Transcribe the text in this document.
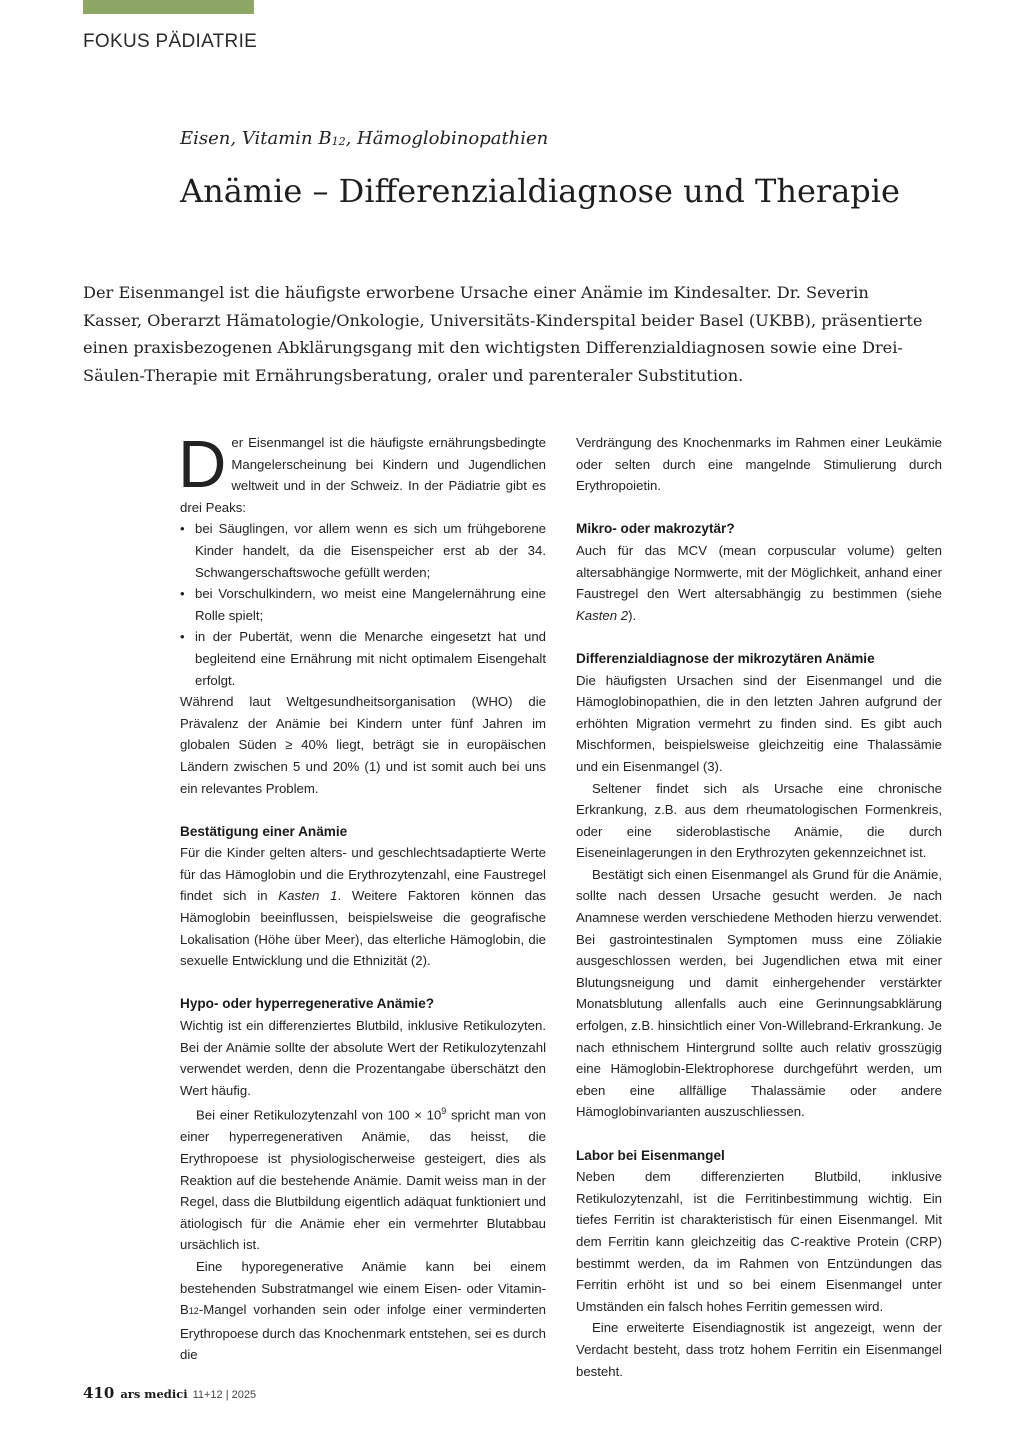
FOKUS PÄDIATRIE
Eisen, Vitamin $B_{12}$, Hämoglobinopathien
Anämie – Differenzialdiagnose und Therapie

Der Eisenmangel ist die häufigste erworbene Ursache einer Anämie im Kindesalter. Dr. Severin Kasser, Oberarzt Hämatologie/Onkologie, Universitäts-Kinderspital beider Basel (UKBB), präsentierte einen praxisbezogenen Abklärungsgang mit den wichtigsten Differenzialdiagnosen sowie eine Drei-Säulen-Therapie mit Ernährungsberatung, oraler und parenteraler Substitution.

Der Eisenmangel ist die häufigste ernährungsbedingte Mangelerscheinung bei Kindern und Jugendlichen weltweit und in der Schweiz. In der Pädiatrie gibt es drei Peaks:

• bei Säuglingen, vor allem wenn es sich um frühgeborene Kinder handelt, da die Eisenspeicher erst ab der 34. Schwangerschaftswoche gefüllt werden;
• bei Vorschulkindern, wo meist eine Mangelernährung eine Rolle spielt;
• in der Pubertät, wenn die Menarche eingesetzt hat und begleitend eine Ernährung mit nicht optimalem Eisengehalt erfolgt.

Während laut Weltgesundheitsorganisation (WHO) die Prävalenz der Anämie bei Kindern unter fünf Jahren im globalen Süden ≥ 40% liegt, beträgt sie in europäischen Ländern zwischen 5 und 20% (1) und ist somit auch bei uns ein relevantes Problem.

Bestätigung einer Anämie

Für die Kinder gelten alters- und geschlechtsadaptierte Werte für das Hämoglobin und die Erythrozytenzahl, eine Faustregel findet sich in Kasten 1. Weitere Faktoren können das Hämoglobin beeinflussen, beispielsweise die geografische Lokalisation (Höhe über Meer), das elterliche Hämoglobin, die sexuelle Entwicklung und die Ethnizität (2).

Hypo- oder hyperregenerative Anämie?

Wichtig ist ein differenziertes Blutbild, inklusive Retikulozyten. Bei der Anämie sollte der absolute Wert der Retikulozytenzahl verwendet werden, denn die Prozentangabe überschätzt den Wert häufig.

Bei einer Retikulozytenzahl von $100 \times 10^9$ spricht man von einer hyperregenerativen Anämie, das heisst, die Erythropoese ist physiologischerweise gesteigert, dies als Reaktion auf die bestehende Anämie. Damit weiss man in der Regel, dass die Blutbildung eigentlich adäquat funktioniert und ätiologisch für die Anämie eher ein vermehrter Blutabbau ursächlich ist.

Eine hyporegenerative Anämie kann bei einem bestehenden Substratmangel wie einem Eisen- oder Vitamin-B12-Mangel vorhanden sein oder infolge einer verminderten Erythropoese durch das Knochenmark entstehen, sei es durch die

Verdrängung des Knochenmarks im Rahmen einer Leukämie oder selten durch eine mangelnde Stimulierung durch Erythropoietin.

Mikro- oder makrozytär?

Auch für das MCV (mean corpuscular volume) gelten altersabhängige Normwerte, mit der Möglichkeit, anhand einer Faustregel den Wert altersabhängig zu bestimmen (siehe Kasten 2).

Differenzialdiagnose der mikrozytären Anämie

Die häufigsten Ursachen sind der Eisenmangel und die Hämoglobinopathien, die in den letzten Jahren aufgrund der erhöhten Migration vermehrt zu finden sind. Es gibt auch Mischformen, beispielsweise gleichzeitig eine Thalassämie und ein Eisenmangel (3).

Seltener findet sich als Ursache eine chronische Erkrankung, z.B. aus dem rheumatologischen Formenkreis, oder eine sideroblastische Anämie, die durch Eiseneinlagerungen in den Erythrozyten gekennzeichnet ist.

Bestätigt sich einen Eisenmangel als Grund für die Anämie, sollte nach dessen Ursache gesucht werden. Je nach Anamnese werden verschiedene Methoden hierzu verwendet. Bei gastrointestinalen Symptomen muss eine Zöliakie ausgeschlossen werden, bei Jugendlichen etwa mit einer Blutungsneigung und damit einhergehender verstärkter Monatsblutung allenfalls auch eine Gerinnungsabklärung erfolgen, z.B. hinsichtlich einer Von-Willebrand-Erkrankung. Je nach ethnischem Hintergrund sollte auch relativ grosszügig eine Hämoglobin-Elektrophorese durchgeführt werden, um eben eine allfällige Thalassämie oder andere Hämoglobinvarianten auszuschliessen.

Labor bei Eisenmangel

Neben dem differenzierten Blutbild, inklusive Retikulozytenzahl, ist die Ferritinbestimmung wichtig. Ein tiefes Ferritin ist charakteristisch für einen Eisenmangel. Mit dem Ferritin kann gleichzeitig das C-reaktive Protein (CRP) bestimmt werden, da im Rahmen von Entzündungen das Ferritin erhöht ist und so bei einem Eisenmangel unter Umständen ein falsch hohes Ferritin gemessen wird.

Eine erweiterte Eisendiagnostik ist angezeigt, wenn der Verdacht besteht, dass trotz hohem Ferritin ein Eisenmangel besteht.

410 ars medici 11+12 | 2025
